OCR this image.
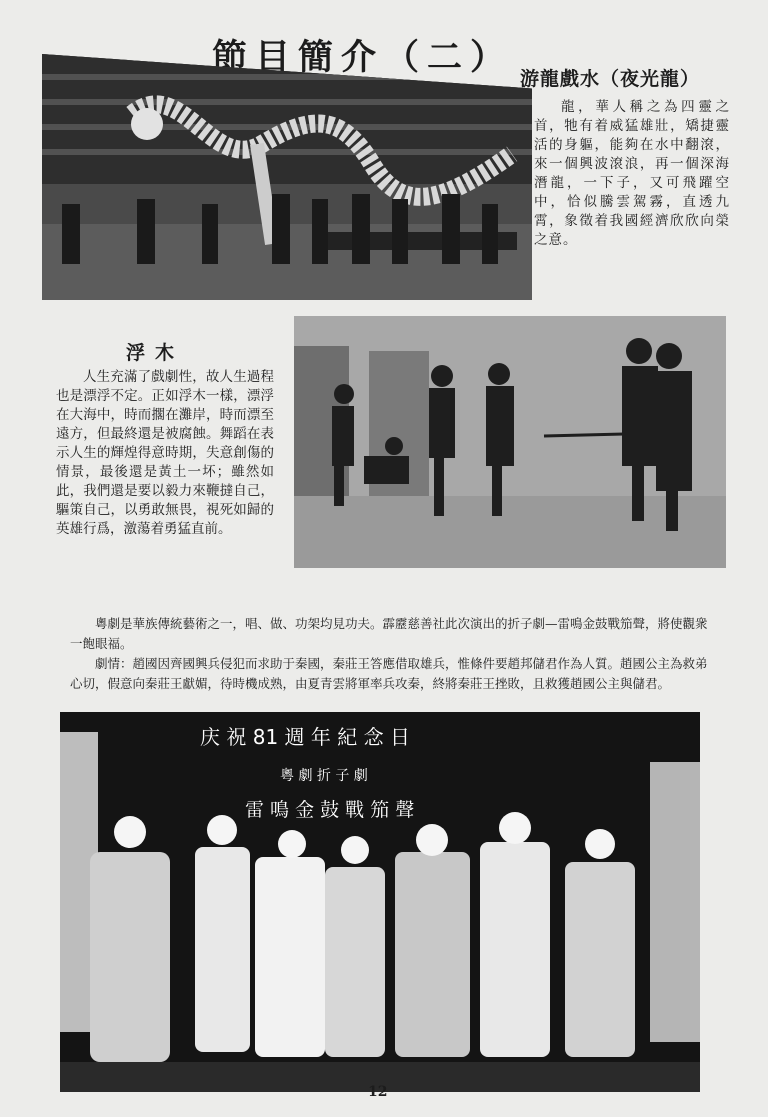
節目簡介（二）
游龍戲水（夜光龍）
龍，華人稱之為四靈之首，牠有着威猛雄壯，矯捷靈活的身軀，能夠在水中翻滾，來一個興波滾浪，再一個深海潛龍，一下子，又可飛躍空中，恰似騰雲駕霧，直透九霄，象徵着我國經濟欣欣向榮之意。
浮木
人生充滿了戲劇性，故人生過程也是漂浮不定。正如浮木一樣，漂浮在大海中，時而擱在灘岸，時而漂至遠方，但最終還是被腐蝕。舞蹈在表示人生的輝煌得意時期，失意創傷的情景，最後還是黃土一坏；雖然如此，我們還是要以毅力來鞭撻自己，驅策自己，以勇敢無畏，視死如歸的英雄行爲，激蕩着勇猛直前。

粵劇是華族傳統藝術之一，唱、做、功架均見功夫。霹靂慈善社此次演出的折子劇—雷鳴金鼓戰笳聲，將使觀衆一飽眼福。

劇情：趙國因齊國興兵侵犯而求助于秦國，秦莊王答應借取雄兵，惟條件要趙邦儲君作為人質。趙國公主為救弟心切，假意向秦莊王獻媚，待時機成熟，由夏青雲將軍率兵攻秦，終將秦莊王挫敗，且救獲趙國公主與儲君。

庆 祝 81 週 年 紀 念 日
粵 劇 折 子 劇
雷 鳴 金 鼓 戰 笳 聲
12
